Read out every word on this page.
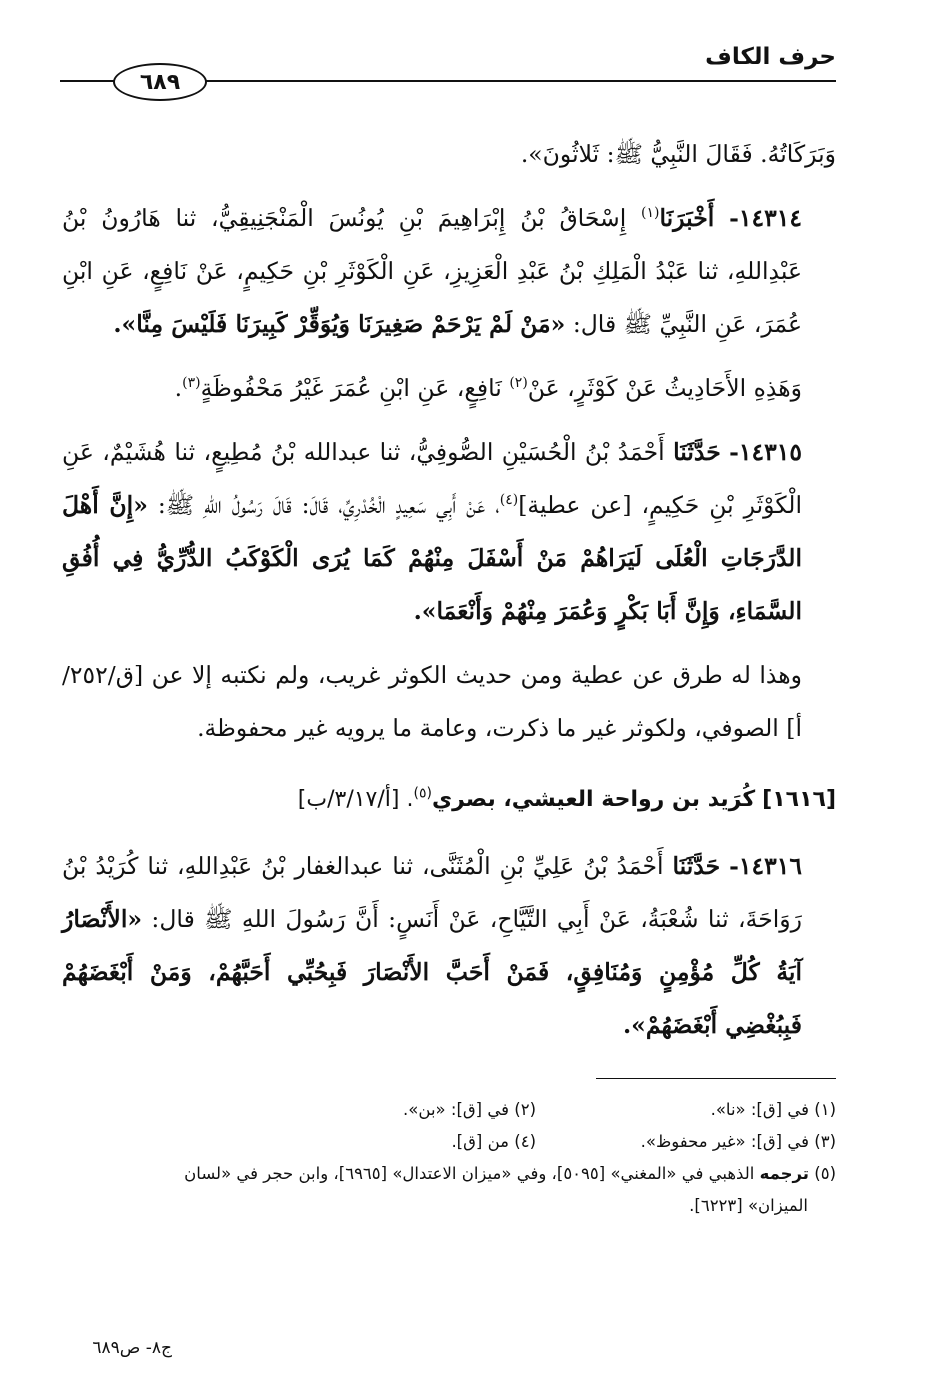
حرف الكاف
٦٨٩

وَبَرَكَاتُهُ. فَقَالَ النَّبِيُّ ﷺ: ثَلاثُونَ».

١٤٣١٤- أَخْبَرَنَا$^{(١)}$ إِسْحَاقُ بْنُ إِبْرَاهِيمَ بْنِ يُونُسَ الْمَنْجَنِيقِيُّ، ثنا هَارُونُ بْنُ عَبْدِاللهِ، ثنا عَبْدُ الْمَلِكِ بْنُ عَبْدِ الْعَزِيزِ، عَنِ الْكَوْثَرِ بْنِ حَكِيمٍ، عَنْ نَافِعٍ، عَنِ ابْنِ عُمَرَ، عَنِ النَّبِيِّ ﷺ قال: «مَنْ لَمْ يَرْحَمْ صَغِيرَنَا وَيُوَقِّرْ كَبِيرَنَا فَلَيْسَ مِنَّا».

وَهَذِهِ الأَحَادِيثُ عَنْ كَوْثَرٍ، عَنْ$^{(٢)}$ نَافِعٍ، عَنِ ابْنِ عُمَرَ غَيْرُ مَحْفُوظَةٍ$^{(٣)}$.

١٤٣١٥- حَدَّثَنَا أَحْمَدُ بْنُ الْحُسَيْنِ الصُّوفِيُّ، ثنا عبدالله بْنُ مُطِيعٍ، ثنا هُشَيْمٌ، عَنِ الْكَوْثَرِ بْنِ حَكِيمٍ، [عن عطية]$^{(٤)}$، عَنْ أَبِي سَعِيدٍ الْخُدْرِيِّ، قَالَ: قَالَ رَسُولُ اللهِ ﷺ: «إِنَّ أَهْلَ الدَّرَجَاتِ الْعُلَى لَيَرَاهُمْ مَنْ أَسْفَلَ مِنْهُمْ كَمَا يُرَى الْكَوْكَبُ الدُّرِّيُّ فِي أُفُقِ السَّمَاءِ، وَإِنَّ أَبَا بَكْرٍ وَعُمَرَ مِنْهُمْ وَأَنْعَمَا».

وهذا له طرق عن عطية ومن حديث الكوثر غريب، ولم نكتبه إلا عن [ق/٢٥٢/أ] الصوفي، ولكوثر غير ما ذكرت، وعامة ما يرويه غير محفوظة.

[١٦١٦] كُرَيد بن رواحة العيشي، بصري$^{(٥)}$. [أ/٣/١٧/ب]

١٤٣١٦- حَدَّثَنَا أَحْمَدُ بْنُ عَلِيِّ بْنِ الْمُثَنَّى، ثنا عبدالغفار بْنُ عَبْدِاللهِ، ثنا كُرَيْدُ بْنُ رَوَاحَةَ، ثنا شُعْبَةُ، عَنْ أَبِي التَّيَّاحِ، عَنْ أَنَسٍ: أَنَّ رَسُولَ اللهِ ﷺ قال: «الأَنْصَارُ آيَةُ كُلِّ مُؤْمِنٍ وَمُنَافِقٍ، فَمَنْ أَحَبَّ الأَنْصَارَ فَبِحُبِّي أَحَبَّهُمْ، وَمَنْ أَبْغَضَهُمْ فَبِبُغْضِي أَبْغَضَهُمْ».

(١) في [ق]: «نا».
(٢) في [ق]: «بن».
(٣) في [ق]: «غير محفوظ».
(٤) من [ق].
(٥) ترجمه الذهبي في «المغني» [٥٠٩٥]، وفي «ميزان الاعتدال» [٦٩٦٥]، وابن حجر في «لسان
الميزان» [٦٢٢٣].
ج٨- ص٦٨٩
